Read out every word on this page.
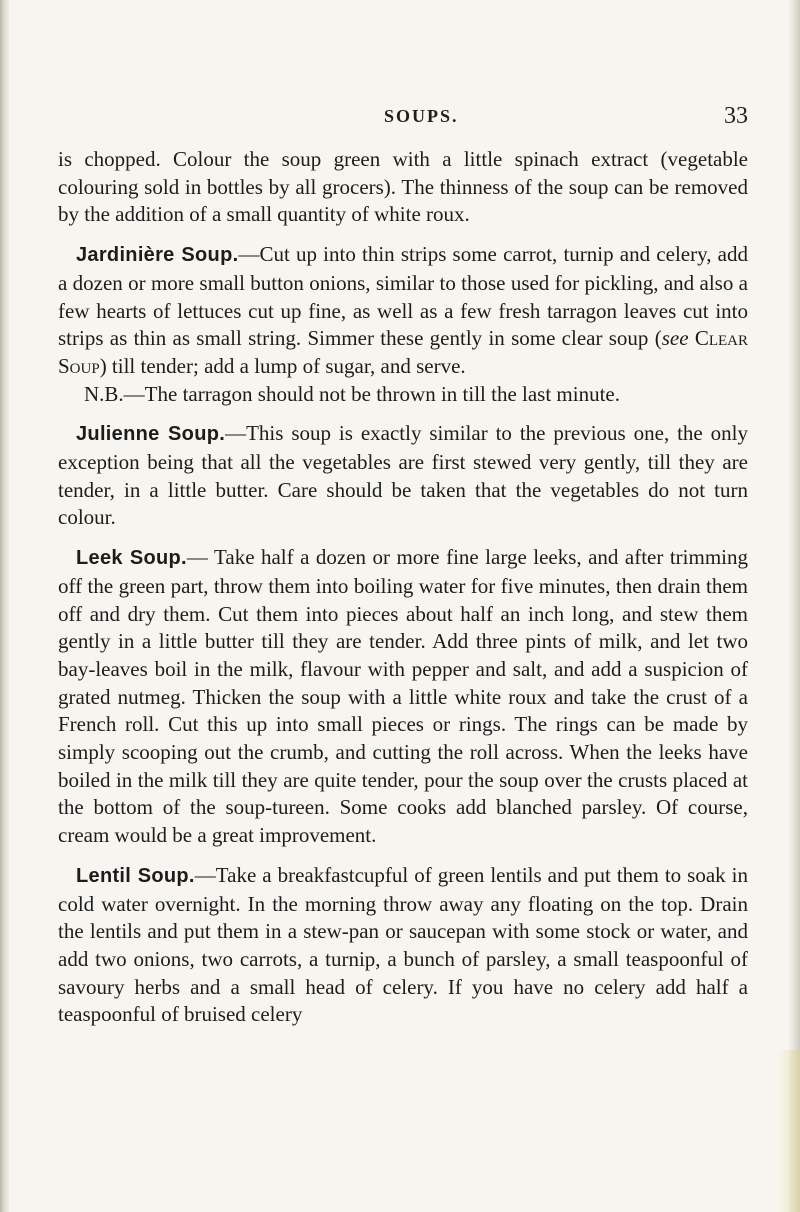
SOUPS.	33

is chopped. Colour the soup green with a little spinach extract (vegetable colouring sold in bottles by all grocers). The thinness of the soup can be removed by the addition of a small quantity of white roux.

Jardinière Soup.—Cut up into thin strips some carrot, turnip and celery, add a dozen or more small button onions, similar to those used for pickling, and also a few hearts of lettuces cut up fine, as well as a few fresh tarragon leaves cut into strips as thin as small string. Simmer these gently in some clear soup (see Clear Soup) till tender; add a lump of sugar, and serve.

N.B.—The tarragon should not be thrown in till the last minute.

Julienne Soup.—This soup is exactly similar to the previous one, the only exception being that all the vegetables are first stewed very gently, till they are tender, in a little butter. Care should be taken that the vegetables do not turn colour.

Leek Soup.— Take half a dozen or more fine large leeks, and after trimming off the green part, throw them into boiling water for five minutes, then drain them off and dry them. Cut them into pieces about half an inch long, and stew them gently in a little butter till they are tender. Add three pints of milk, and let two bay-leaves boil in the milk, flavour with pepper and salt, and add a suspicion of grated nutmeg. Thicken the soup with a little white roux and take the crust of a French roll. Cut this up into small pieces or rings. The rings can be made by simply scooping out the crumb, and cutting the roll across. When the leeks have boiled in the milk till they are quite tender, pour the soup over the crusts placed at the bottom of the soup-tureen. Some cooks add blanched parsley. Of course, cream would be a great improvement.

Lentil Soup.—Take a breakfastcupful of green lentils and put them to soak in cold water overnight. In the morning throw away any floating on the top. Drain the lentils and put them in a stew-pan or saucepan with some stock or water, and add two onions, two carrots, a turnip, a bunch of parsley, a small teaspoonful of savoury herbs and a small head of celery. If you have no celery add half a teaspoonful of bruised celery
